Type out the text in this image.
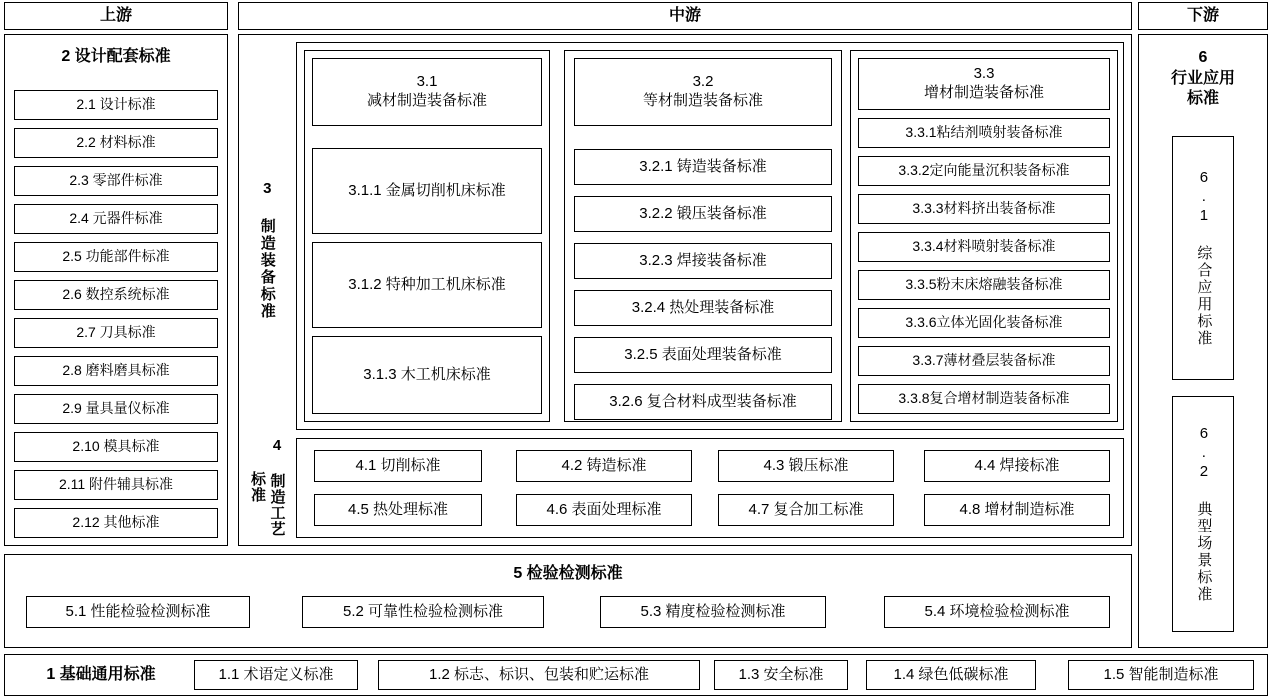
上游	中游	下游
2 设计配套标准
2.1 设计标准
2.2 材料标准
2.3 零部件标准
2.4 元器件标准
2.5 功能部件标准
2.6 数控系统标准
2.7 刀具标准
2.8 磨料磨具标准
2.9 量具量仪标准
2.10 模具标准
2.11 附件辅具标准
2.12 其他标准
3 制造装备标准
3.1
减材制造装备标准
3.1.1 金属切削机床标准
3.1.2 特种加工机床标准
3.1.3 木工机床标准
3.2
等材制造装备标准
3.2.1 铸造装备标准
3.2.2 锻压装备标准
3.2.3 焊接装备标准
3.2.4 热处理装备标准
3.2.5 表面处理装备标准
3.2.6 复合材料成型装备标准
3.3
增材制造装备标准
3.3.1粘结剂喷射装备标准
3.3.2定向能量沉积装备标准
3.3.3材料挤出装备标准
3.3.4材料喷射装备标准
3.3.5粉末床熔融装备标准
3.3.6立体光固化装备标准
3.3.7薄材叠层装备标准
3.3.8复合增材制造装备标准
4 制造工艺标准
4.1 切削标准	4.2 铸造标准	4.3 锻压标准	4.4 焊接标准
4.5 热处理标准	4.6 表面处理标准	4.7 复合加工标准	4.8 增材制造标准
6
行业应用
标准
6.1 综合应用标准
6.2 典型场景标准
5 检验检测标准
5.1 性能检验检测标准	5.2 可靠性检验检测标准	5.3 精度检验检测标准	5.4 环境检验检测标准
1 基础通用标准	1.1 术语定义标准	1.2 标志、标识、包装和贮运标准	1.3 安全标准	1.4 绿色低碳标准	1.5 智能制造标准
